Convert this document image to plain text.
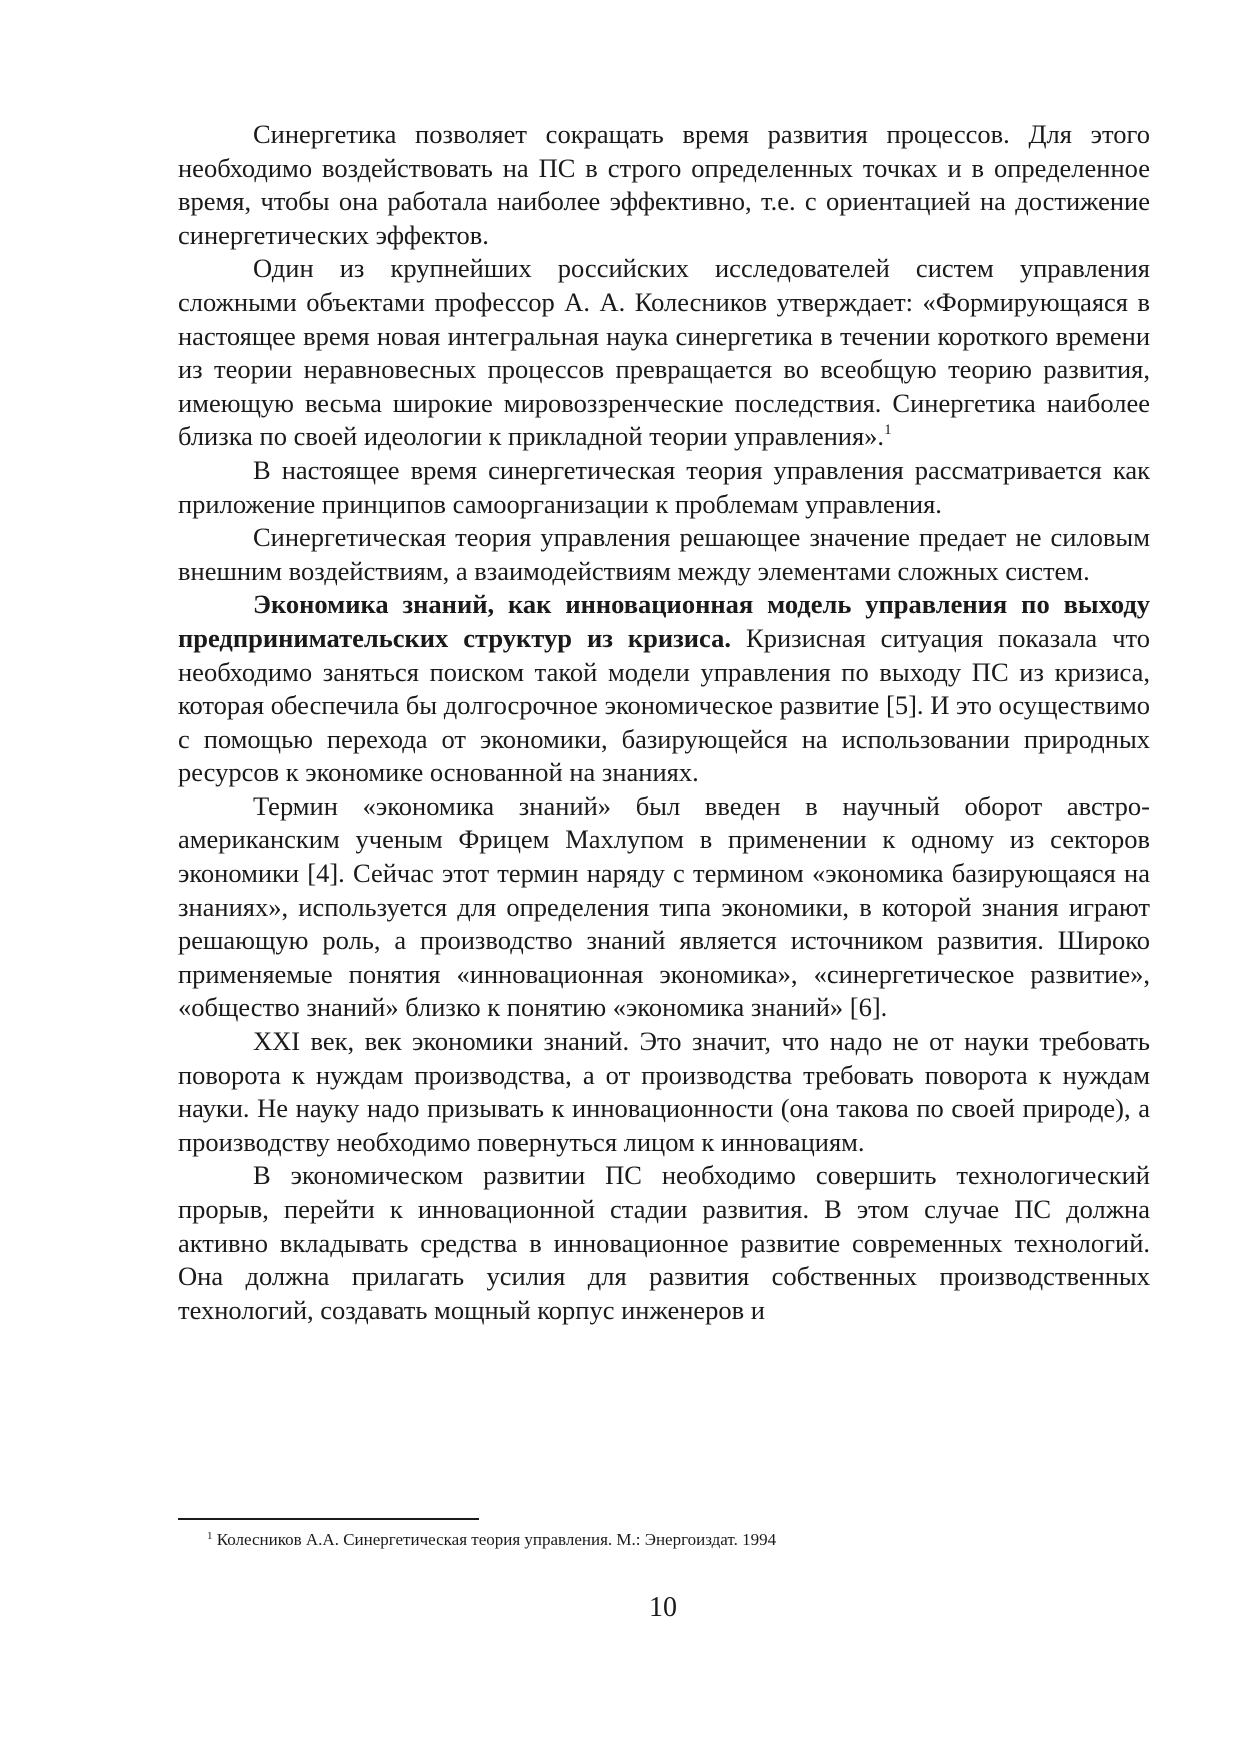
Синергетика позволяет сокращать время развития процессов. Для этого необходимо воздействовать на ПС в строго определенных точках и в определенное время, чтобы она работала наиболее эффективно, т.е. с ориентацией на достижение синергетических эффектов.

Один из крупнейших российских исследователей систем управления сложными объектами профессор А. А. Колесников утверждает: «Формирующаяся в настоящее время новая интегральная наука синергетика в течении короткого времени из теории неравновесных процессов превращается во всеобщую теорию развития, имеющую весьма широкие мировоззренческие последствия. Синергетика наиболее близка по своей идеологии к прикладной теории управления».$^1$

В настоящее время синергетическая теория управления рассматривается как приложение принципов самоорганизации к проблемам управления.

Синергетическая теория управления решающее значение предает не силовым внешним воздействиям, а взаимодействиям между элементами сложных систем.

Экономика знаний, как инновационная модель управления по выходу предпринимательских структур из кризиса. Кризисная ситуация показала что необходимо заняться поиском такой модели управления по выходу ПС из кризиса, которая обеспечила бы долгосрочное экономическое развитие [5]. И это осуществимо с помощью перехода от экономики, базирующейся на использовании природных ресурсов к экономике основанной на знаниях.

Термин «экономика знаний» был введен в научный оборот австро-американским ученым Фрицем Махлупом в применении к одному из секторов экономики [4]. Сейчас этот термин наряду с термином «экономика базирующаяся на знаниях», используется для определения типа экономики, в которой знания играют решающую роль, а производство знаний является источником развития. Широко применяемые понятия «инновационная экономика», «синергетическое развитие», «общество знаний» близко к понятию «экономика знаний» [6].

XXI век, век экономики знаний. Это значит, что надо не от науки требовать поворота к нуждам производства, а от производства требовать поворота к нуждам науки. Не науку надо призывать к инновационности (она такова по своей природе), а производству необходимо повернуться лицом к инновациям.

В экономическом развитии ПС необходимо совершить технологический прорыв, перейти к инновационной стадии развития. В этом случае ПС должна активно вкладывать средства в инновационное развитие современных технологий. Она должна прилагать усилия для развития собственных производственных технологий, создавать мощный корпус инженеров и

$^1$ Колесников А.А. Синергетическая теория управления. М.: Энергоиздат. 1994
10
